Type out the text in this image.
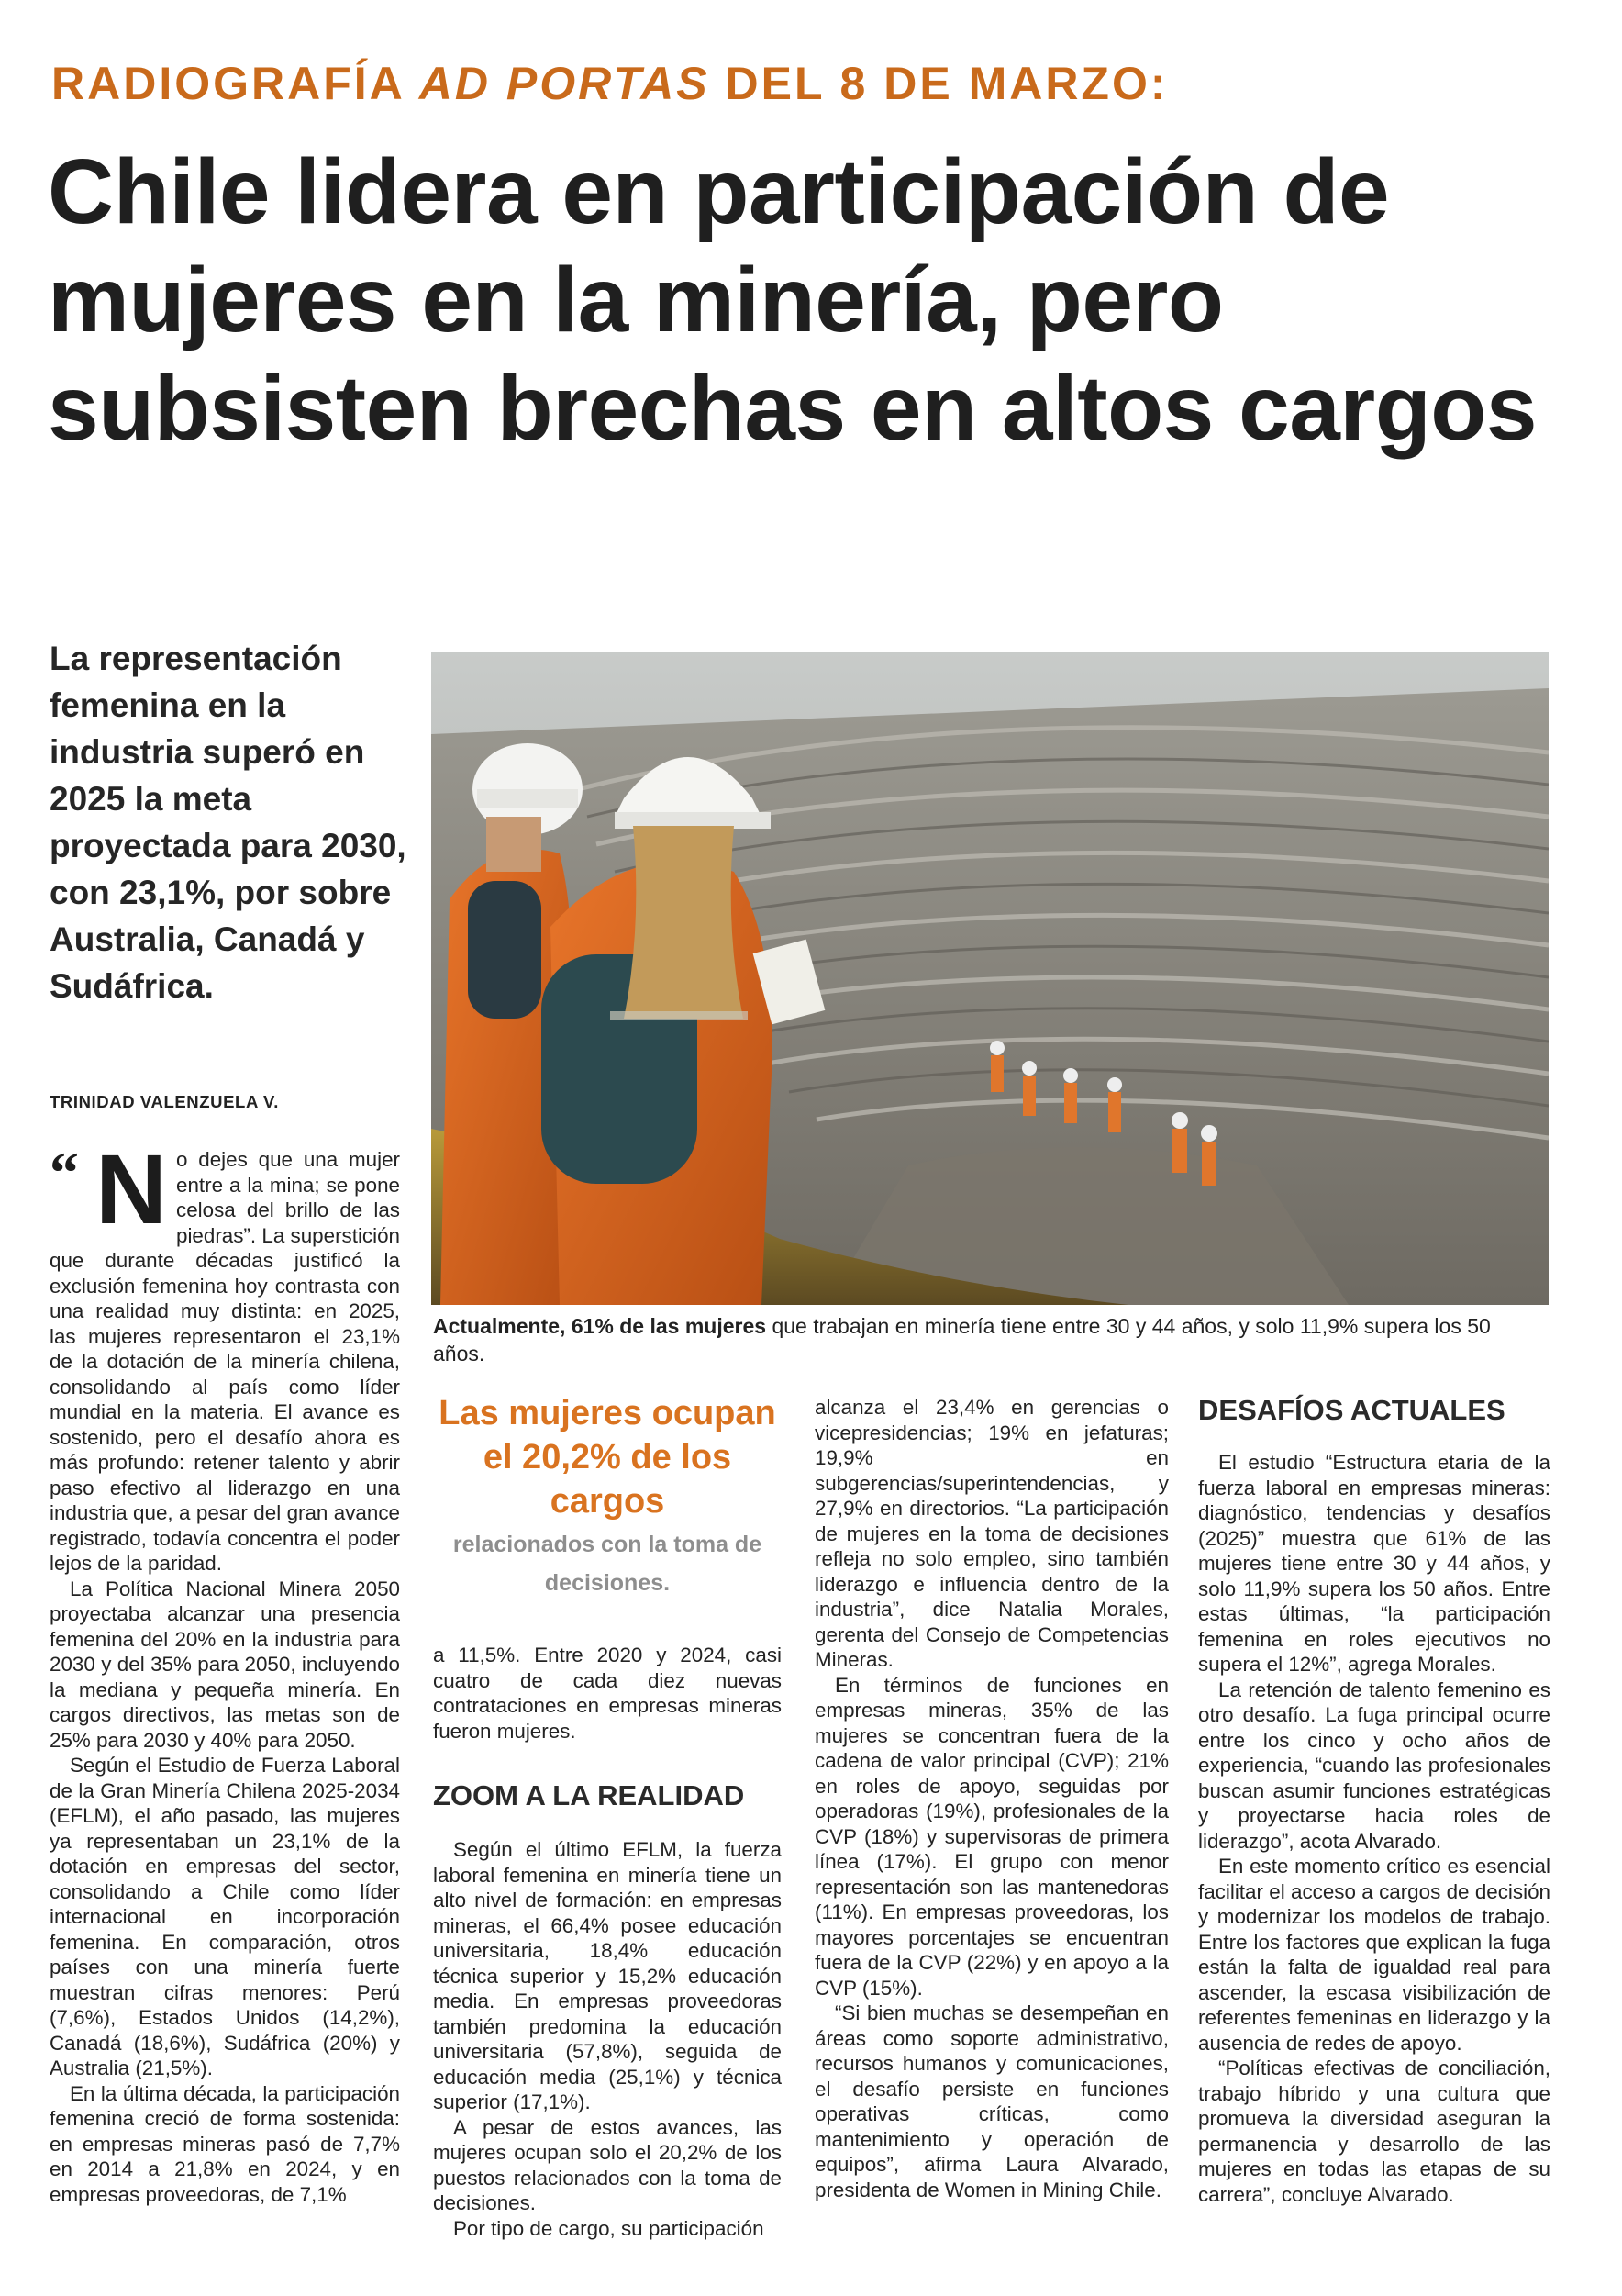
RADIOGRAFÍA AD PORTAS DEL 8 DE MARZO:
Chile lidera en participación de mujeres en la minería, pero subsisten brechas en altos cargos
La representación femenina en la industria superó en 2025 la meta proyectada para 2030, con 23,1%, por sobre Australia, Canadá y Sudáfrica.
TRINIDAD VALENZUELA V.
Actualmente, 61% de las mujeres que trabajan en minería tiene entre 30 y 44 años, y solo 11,9% supera los 50 años.
“ N o dejes que una mujer entre a la mina; se pone celosa del brillo de las piedras”. La superstición que durante décadas justificó la exclusión femenina hoy contrasta con una realidad muy distinta: en 2025, las mujeres representaron el 23,1% de la dotación de la minería chilena, consolidando al país como líder mundial en la materia. El avance es sostenido, pero el desafío ahora es más profundo: retener talento y abrir paso efectivo al liderazgo en una industria que, a pesar del gran avance registrado, todavía concentra el poder lejos de la paridad.

La Política Nacional Minera 2050 proyectaba alcanzar una presencia femenina del 20% en la industria para 2030 y del 35% para 2050, incluyendo la mediana y pequeña minería. En cargos directivos, las metas son de 25% para 2030 y 40% para 2050.

Según el Estudio de Fuerza Laboral de la Gran Minería Chilena 2025-2034 (EFLM), el año pasado, las mujeres ya representaban un 23,1% de la dotación en empresas del sector, consolidando a Chile como líder internacional en incorporación femenina. En comparación, otros países con una minería fuerte muestran cifras menores: Perú (7,6%), Estados Unidos (14,2%), Canadá (18,6%), Sudáfrica (20%) y Australia (21,5%).

En la última década, la participación femenina creció de forma sostenida: en empresas mineras pasó de 7,7% en 2014 a 21,8% en 2024, y en empresas proveedoras, de 7,1%

Las mujeres ocupan el 20,2% de los cargos
relacionados con la toma de decisiones.

a 11,5%. Entre 2020 y 2024, casi cuatro de cada diez nuevas contrataciones en empresas mineras fueron mujeres.

ZOOM A LA REALIDAD

Según el último EFLM, la fuerza laboral femenina en minería tiene un alto nivel de formación: en empresas mineras, el 66,4% posee educación universitaria, 18,4% educación técnica superior y 15,2% educación media. En empresas proveedoras también predomina la educación universitaria (57,8%), seguida de educación media (25,1%) y técnica superior (17,1%).

A pesar de estos avances, las mujeres ocupan solo el 20,2% de los puestos relacionados con la toma de decisiones.

Por tipo de cargo, su participación

alcanza el 23,4% en gerencias o vicepresidencias; 19% en jefaturas; 19,9% en subgerencias/superintendencias, y 27,9% en directorios. “La participación de mujeres en la toma de decisiones refleja no solo empleo, sino también liderazgo e influencia dentro de la industria”, dice Natalia Morales, gerenta del Consejo de Competencias Mineras.

En términos de funciones en empresas mineras, 35% de las mujeres se concentran fuera de la cadena de valor principal (CVP); 21% en roles de apoyo, seguidas por operadoras (19%), profesionales de la CVP (18%) y supervisoras de primera línea (17%). El grupo con menor representación son las mantenedoras (11%). En empresas proveedoras, los mayores porcentajes se encuentran fuera de la CVP (22%) y en apoyo a la CVP (15%).

“Si bien muchas se desempeñan en áreas como soporte administrativo, recursos humanos y comunicaciones, el desafío persiste en funciones operativas críticas, como mantenimiento y operación de equipos”, afirma Laura Alvarado, presidenta de Women in Mining Chile.

DESAFÍOS ACTUALES

El estudio “Estructura etaria de la fuerza laboral en empresas mineras: diagnóstico, tendencias y desafíos (2025)” muestra que 61% de las mujeres tiene entre 30 y 44 años, y solo 11,9% supera los 50 años. Entre estas últimas, “la participación femenina en roles ejecutivos no supera el 12%”, agrega Morales.

La retención de talento femenino es otro desafío. La fuga principal ocurre entre los cinco y ocho años de experiencia, “cuando las profesionales buscan asumir funciones estratégicas y proyectarse hacia roles de liderazgo”, acota Alvarado.

En este momento crítico es esencial facilitar el acceso a cargos de decisión y modernizar los modelos de trabajo. Entre los factores que explican la fuga están la falta de igualdad real para ascender, la escasa visibilización de referentes femeninas en liderazgo y la ausencia de redes de apoyo.

“Políticas efectivas de conciliación, trabajo híbrido y una cultura que promueva la diversidad aseguran la permanencia y desarrollo de las mujeres en todas las etapas de su carrera”, concluye Alvarado.
